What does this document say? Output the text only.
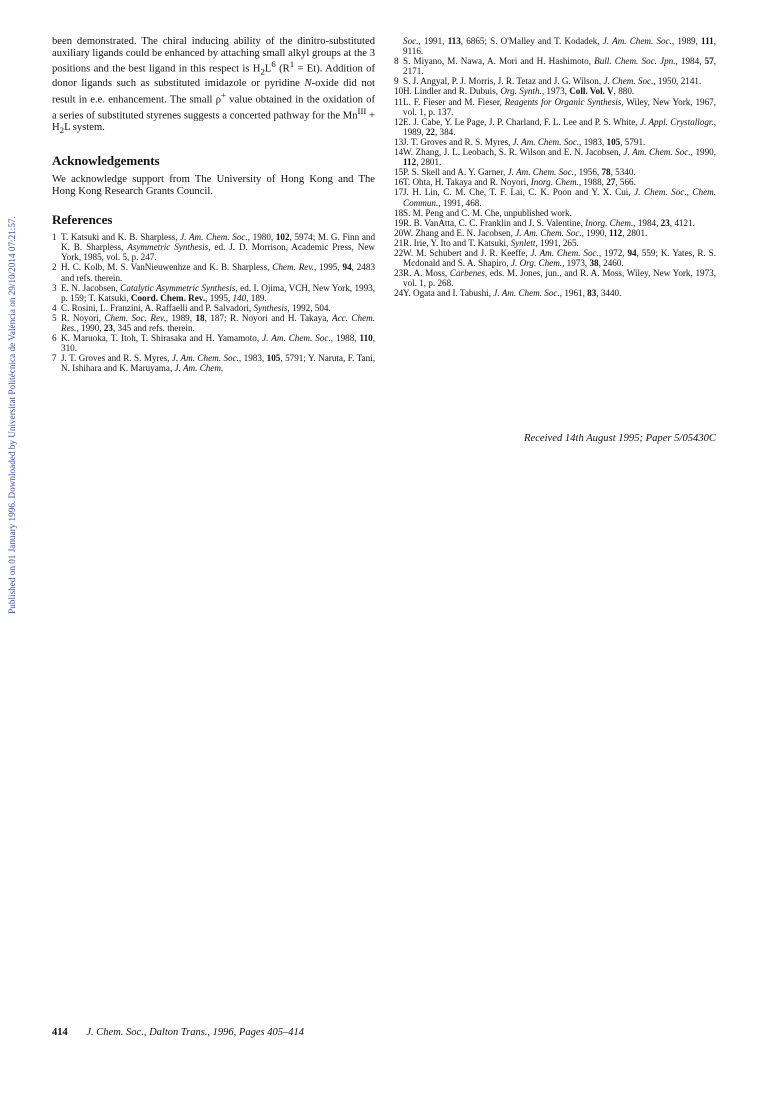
Published on 01 January 1996. Downloaded by Universitat Politécnica de Valéncia on 29/10/2014 07:21:57.

been demonstrated. The chiral inducing ability of the dinitro-substituted auxiliary ligands could be enhanced by attaching small alkyl groups at the 3 positions and the best ligand in this respect is $H_2L^6$ $(R^1 = Et)$. Addition of donor ligands such as substituted imidazole or pyridine N-oxide did not result in e.e. enhancement. The small ρ+ value obtained in the oxidation of a series of substituted styrenes suggests a concerted pathway for the $Mn^{III} + H_2L$ system.

Acknowledgements

We acknowledge support from The University of Hong Kong and The Hong Kong Research Grants Council.

References
1 T. Katsuki and K. B. Sharpless, J. Am. Chem. Soc., 1980, 102, 5974; M. G. Finn and K. B. Sharpless, Asymmetric Synthesis, ed. J. D. Morrison, Academic Press, New York, 1985, vol. 5, p. 247.
2 H. C. Kolb, M. S. VanNieuwenhze and K. B. Sharpless, Chem. Rev., 1995, 94, 2483 and refs. therein.
3 E. N. Jacobsen, Catalytic Asymmetric Synthesis, ed. I. Ojima, VCH, New York, 1993, p. 159; T. Katsuki, Coord. Chem. Rev., 1995, 140, 189.
4 C. Rosini, L. Franzini, A. Raffaelli and P. Salvadori, Synthesis, 1992, 504.
5 R. Noyori, Chem. Soc. Rev., 1989, 18, 187; R. Noyori and H. Takaya, Acc. Chem. Res., 1990, 23, 345 and refs. therein.
6 K. Maruoka, T. Itoh, T. Shirasaka and H. Yamamoto, J. Am. Chem. Soc., 1988, 110, 310.
7 J. T. Groves and R. S. Myres, J. Am. Chem. Soc., 1983, 105, 5791; Y. Naruta, F. Tani, N. Ishihara and K. Maruyama, J. Am. Chem.
Soc., 1991, 113, 6865; S. O'Malley and T. Kodadek, J. Am. Chem. Soc., 1989, 111, 9116.
8 S. Miyano, M. Nawa, A. Mori and H. Hashimoto, Bull. Chem. Soc. Jpn., 1984, 57, 2171.
9 S. J. Angyal, P. J. Morris, J. R. Tetaz and J. G. Wilson, J. Chem. Soc., 1950, 2141.
10 H. Lindler and R. Dubuis, Org. Synth., 1973, Coll. Vol. V, 880.
11 L. F. Fieser and M. Fieser, Reagents for Organic Synthesis, Wiley, New York, 1967, vol. 1, p. 137.
12 E. J. Cabe, Y. Le Page, J. P. Charland, F. L. Lee and P. S. White, J. Appl. Crystallogr., 1989, 22, 384.
13 J. T. Groves and R. S. Myres, J. Am. Chem. Soc., 1983, 105, 5791.
14 W. Zhang, J. L. Leobach, S. R. Wilson and E. N. Jacobsen, J. Am. Chem. Soc., 1990, 112, 2801.
15 P. S. Skell and A. Y. Garner, J. Am. Chem. Soc., 1956, 78, 5340.
16 T. Ohta, H. Takaya and R. Noyori, Inorg. Chem., 1988, 27, 566.
17 J. H. Lin, C. M. Che, T. F. Lai, C. K. Poon and Y. X. Cui, J. Chem. Soc., Chem. Commun., 1991, 468.
18 S. M. Peng and C. M. Che, unpublished work.
19 R. B. VanAtta, C. C. Franklin and J. S. Valentine, Inorg. Chem., 1984, 23, 4121.
20 W. Zhang and E. N. Jacobsen, J. Am. Chem. Soc., 1990, 112, 2801.
21 R. Irie, Y. Ito and T. Katsuki, Synlett, 1991, 265.
22 W. M. Schubert and J. R. Keeffe, J. Am. Chem. Soc., 1972, 94, 559; K. Yates, R. S. Mcdonald and S. A. Shapiro, J. Org. Chem., 1973, 38, 2460.
23 R. A. Moss, Carbenes, eds. M. Jones, jun., and R. A. Moss, Wiley, New York, 1973, vol. 1, p. 268.
24 Y. Ogata and I. Tabushi, J. Am. Chem. Soc., 1961, 83, 3440.
Received 14th August 1995; Paper 5/05430C
414 J. Chem. Soc., Dalton Trans., 1996, Pages 405–414
